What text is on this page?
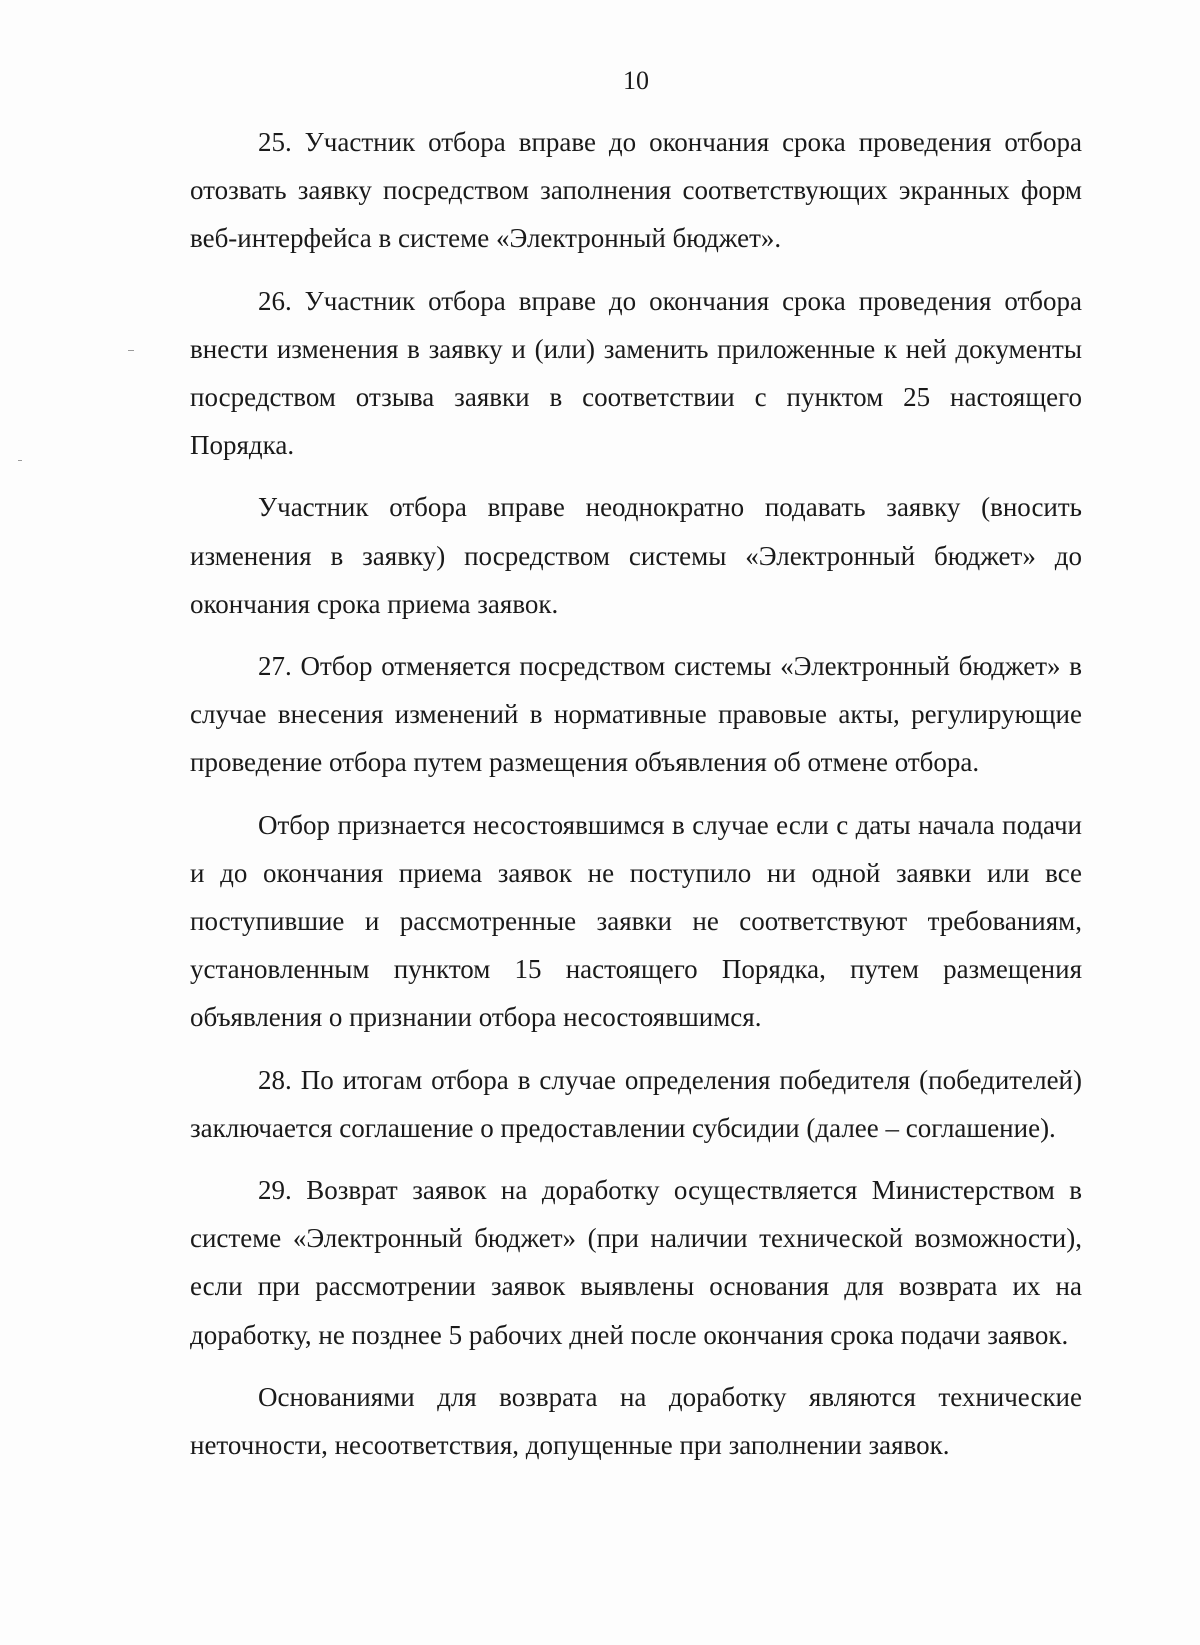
10

25. Участник отбора вправе до окончания срока проведения отбора отозвать заявку посредством заполнения соответствующих экранных форм веб-интерфейса в системе «Электронный бюджет».

26. Участник отбора вправе до окончания срока проведения отбора внести изменения в заявку и (или) заменить приложенные к ней документы посредством отзыва заявки в соответствии с пунктом 25 настоящего Порядка.

Участник отбора вправе неоднократно подавать заявку (вносить изменения в заявку) посредством системы «Электронный бюджет» до окончания срока приема заявок.

27. Отбор отменяется посредством системы «Электронный бюджет» в случае внесения изменений в нормативные правовые акты, регулирующие проведение отбора путем размещения объявления об отмене отбора.

Отбор признается несостоявшимся в случае если с даты начала подачи и до окончания приема заявок не поступило ни одной заявки или все поступившие и рассмотренные заявки не соответствуют требованиям, установленным пунктом 15 настоящего Порядка, путем размещения объявления о признании отбора несостоявшимся.

28. По итогам отбора в случае определения победителя (победителей) заключается соглашение о предоставлении субсидии (далее – соглашение).

29. Возврат заявок на доработку осуществляется Министерством в системе «Электронный бюджет» (при наличии технической возможности), если при рассмотрении заявок выявлены основания для возврата их на доработку, не позднее 5 рабочих дней после окончания срока подачи заявок.

Основаниями для возврата на доработку являются технические неточности, несоответствия, допущенные при заполнении заявок.
